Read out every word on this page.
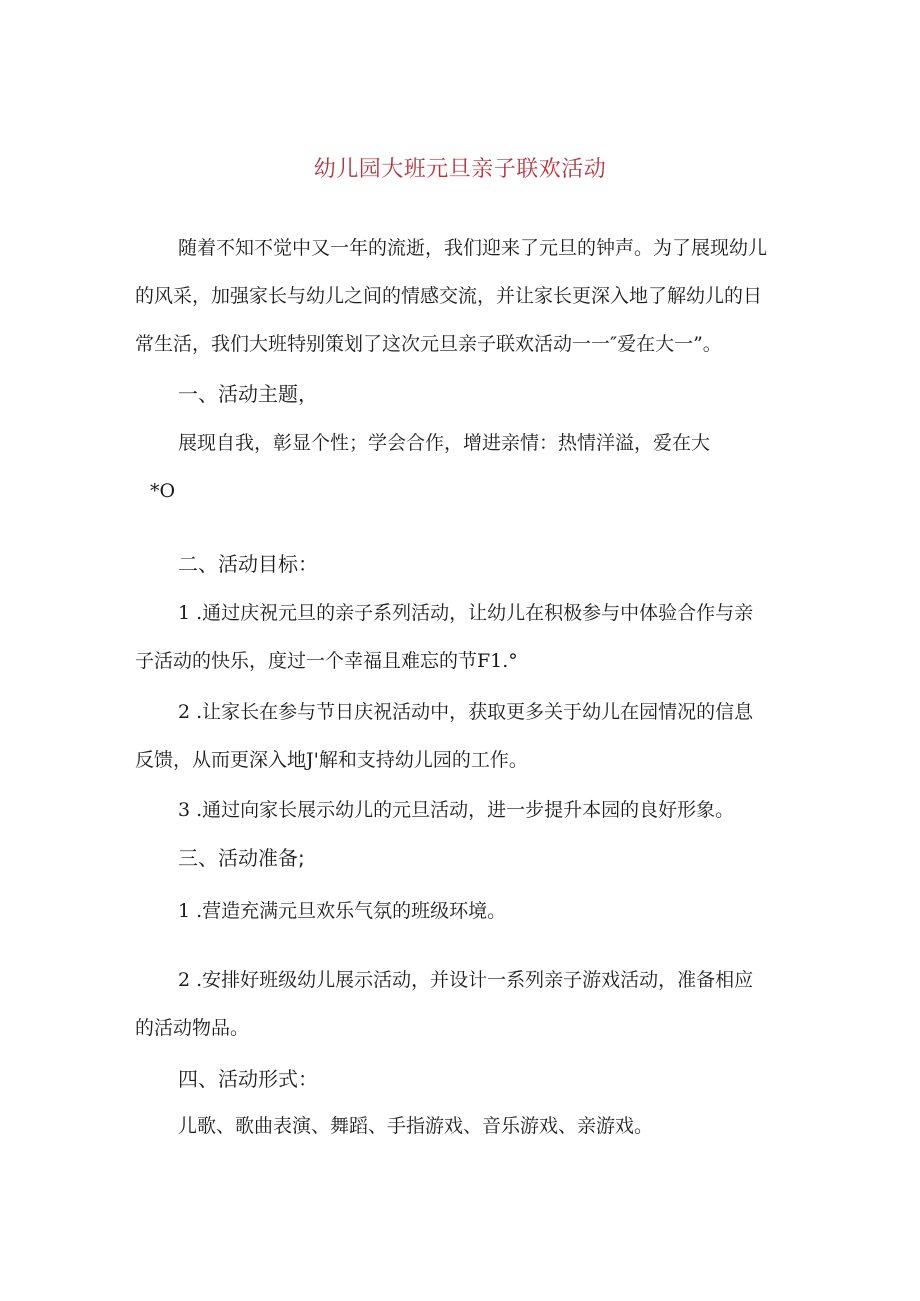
幼儿园大班元旦亲子联欢活动
随着不知不觉中又一年的流逝，我们迎来了元旦的钟声。为了展现幼儿
的风采，加强家长与幼儿之间的情感交流，并让家长更深入地了解幼儿的日
常生活，我们大班特别策划了这次元旦亲子联欢活动一一″爱在大一”。
一、活动主题，
展现自我，彰显个性；学会合作，增进亲情：热情洋溢，爱在大
*O
二、活动目标：
1 .通过庆祝元旦的亲子系列活动，让幼儿在积极参与中体验合作与亲
子活动的快乐，度过一个幸福且难忘的节F1.°
2 .让家长在参与节日庆祝活动中，获取更多关于幼儿在园情况的信息
反馈，从而更深入地J'解和支持幼儿园的工作。
3 .通过向家长展示幼儿的元旦活动，进一步提升本园的良好形象。
三、活动准备;
1 .营造充满元旦欢乐气氛的班级环境。
2 .安排好班级幼儿展示活动，并设计一系列亲子游戏活动，准备相应
的活动物品。
四、活动形式：
儿歌、歌曲表演、舞蹈、手指游戏、音乐游戏、亲游戏。
